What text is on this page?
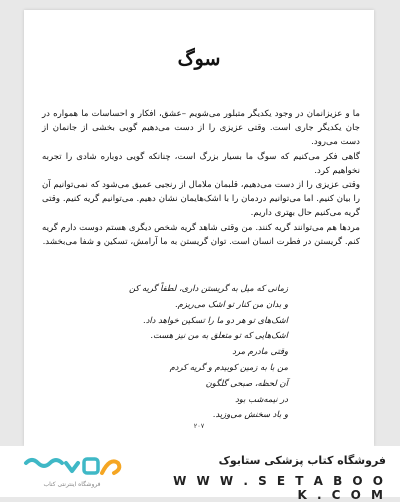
سوگ

ما و عزیزانمان در وجود یکدیگر متبلور می‌شویم –عشق، افکار و احساسات ما همواره در جان یکدیگر جاری است. وقتی عزیزی را از دست می‌دهیم گویی بخشی از جانمان از دست می‌رود.

گاهی فکر می‌کنیم که سوگ ما بسیار بزرگ است، چنانکه گویی دوباره شادی را تجربه نخواهیم کرد.

وقتی عزیزی را از دست می‌دهیم، قلبمان ملامال از رنجیی عمیق می‌شود که نمی‌توانیم آن را بیان کنیم. اما می‌توانیم دردمان را با اشک‌هایمان نشان دهیم. می‌توانیم گریه کنیم. وقتی گریه می‌کنیم حال بهتری داریم.

مردها هم می‌توانند گریه کنند. من وقتی شاهد گریه شخص دیگری هستم دوست دارم گریه کنم. گریستن در فطرت انسان است. توان گریستن به ما آرامش، تسکین و شفا می‌بخشد.

زمانی که میل به گریستن داری، لطفاً گریه کن
و بدان من کنار تو اشک می‌ریزم.
اشک‌های تو هر دو ما را تسکین خواهد داد.
اشک‌هایی که تو متعلق به من نیز هست.
وقتی مادرم مرد
من با به زمین کوبیدم و گریه کردم
آن لحظه، صبحی گلگون
در نیمه‌شب بود
و باد سخنش می‌وزید.
۲۰۷
فروشگاه اینترنتی کتاب
فروشگاه کتاب پزشکی ستابوک
W W W . S E T A B O O K . C O M
